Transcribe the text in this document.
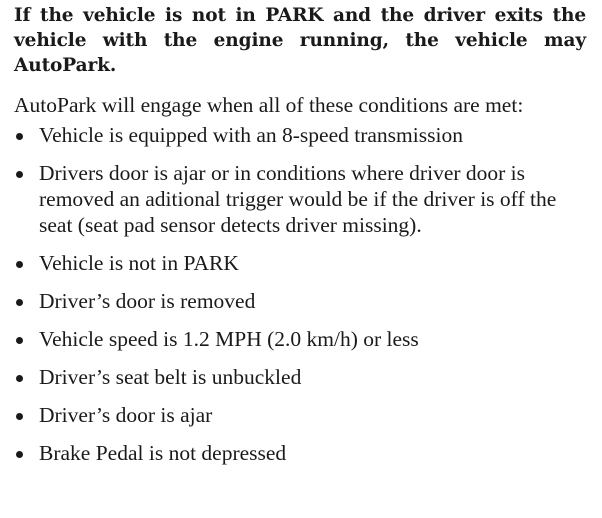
If the vehicle is not in PARK and the driver exits the vehicle with the engine running, the vehicle may AutoPark.

AutoPark will engage when all of these conditions are met:

Vehicle is equipped with an 8-speed transmission
Drivers door is ajar or in conditions where driver door is removed an aditional trigger would be if the driver is off the seat (seat pad sensor detects driver missing).
Vehicle is not in PARK
Driver’s door is removed
Vehicle speed is 1.2 MPH (2.0 km/h) or less
Driver’s seat belt is unbuckled
Driver’s door is ajar
Brake Pedal is not depressed
